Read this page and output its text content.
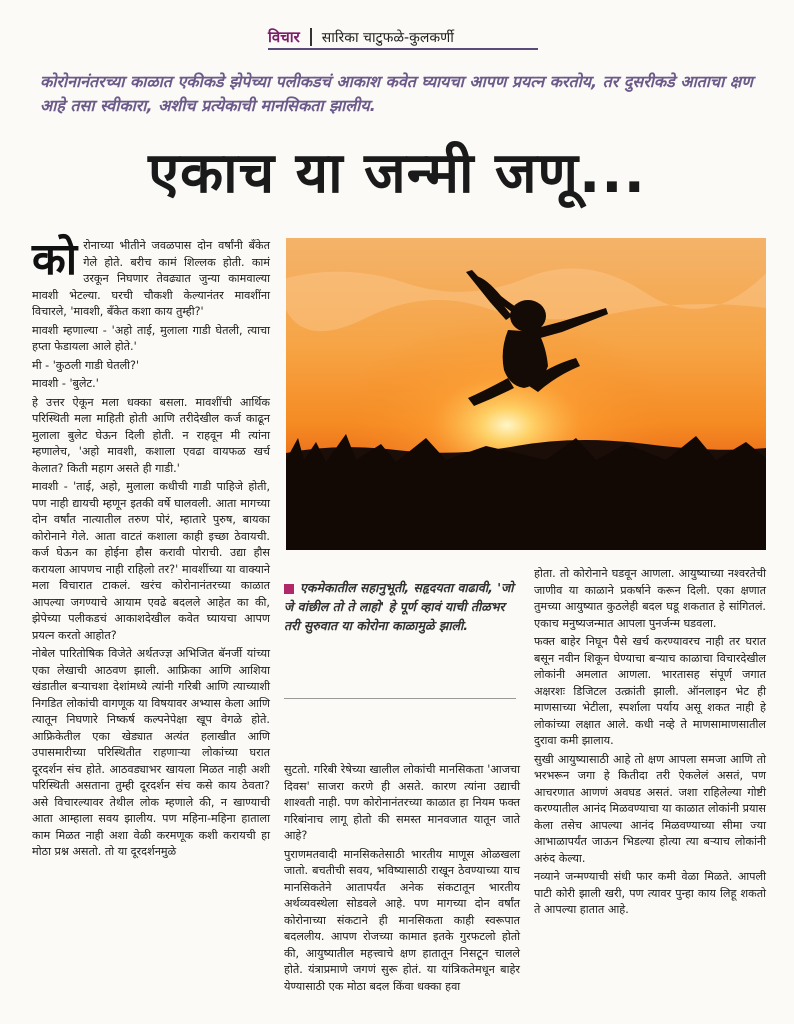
विचार सारिका चाटुफळे-कुलकर्णी
कोरोनानंतरच्या काळात एकीकडे झेपेच्या पलीकडचं आकाश कवेत घ्यायचा आपण प्रयत्न करतोय, तर दुसरीकडे आताचा क्षण आहे तसा स्वीकारा, अशीच प्रत्येकाची मानसिकता झालीय.
एकाच या जन्मी जणू...

कोरोनाच्या भीतीने जवळपास दोन वर्षांनी बँकेत गेले होते. बरीच कामं शिल्लक होती. कामं उरकून निघणार तेवढ्यात जुन्या कामवाल्या मावशी भेटल्या. घरची चौकशी केल्यानंतर मावशींना विचारले, 'मावशी, बँकेत कशा काय तुम्ही?'

मावशी म्हणाल्या - 'अहो ताई, मुलाला गाडी घेतली, त्याचा हप्ता फेडायला आले होते.'

मी - 'कुठली गाडी घेतली?'

मावशी - 'बुलेट.'

हे उत्तर ऐकून मला धक्का बसला. मावशींची आर्थिक परिस्थिती मला माहिती होती आणि तरीदेखील कर्ज काढून मुलाला बुलेट घेऊन दिली होती. न राहवून मी त्यांना म्हणालेच, 'अहो मावशी, कशाला एवढा वायफळ खर्च केलात? किती महाग असते ही गाडी.'

मावशी - 'ताई, अहो, मुलाला कधीची गाडी पाहिजे होती, पण नाही द्यायची म्हणून इतकी वर्षे घालवली. आता मागच्या दोन वर्षांत नात्यातील तरुण पोरं, म्हातारे पुरुष, बायका कोरोनाने गेले. आता वाटतं कशाला काही इच्छा ठेवायची. कर्ज घेऊन का होईना हौस करावी पोराची. उद्या हौस करायला आपणच नाही राहिलो तर?' मावशींच्या या वाक्याने मला विचारात टाकलं. खरंच कोरोनानंतरच्या काळात आपल्या जगण्याचे आयाम एवढे बदलले आहेत का की, झेपेच्या पलीकडचं आकाशदेखील कवेत घ्यायचा आपण प्रयत्न करतो आहोत?

नोबेल पारितोषिक विजेते अर्थतज्ज्ञ अभिजित बॅनर्जी यांच्या एका लेखाची आठवण झाली. आफ्रिका आणि आशिया खंडातील बऱ्याचशा देशांमध्ये त्यांनी गरिबी आणि त्याच्याशी निगडित लोकांची वागणूक या विषयावर अभ्यास केला आणि त्यातून निघणारे निष्कर्ष कल्पनेपेक्षा खूप वेगळे होते. आफ्रिकेतील एका खेड्यात अत्यंत हलाखीत आणि उपासमारीच्या परिस्थितीत राहणाऱ्या लोकांच्या घरात दूरदर्शन संच होते. आठवड्याभर खायला मिळत नाही अशी परिस्थिती असताना तुम्ही दूरदर्शन संच कसे काय ठेवता? असे विचारल्यावर तेथील लोक म्हणाले की, न खाण्याची आता आम्हाला सवय झालीय. पण महिना-महिना हाताला काम मिळत नाही अशा वेळी करमणूक कशी करायची हा मोठा प्रश्न असतो. तो या दूरदर्शनमुळे

एकमेकातील सहानुभूती, सहृदयता वाढावी, 'जो जे वांछील तो ते लाहो' हे पूर्ण व्हावं याची तीळभर तरी सुरुवात या कोरोना काळामुळे झाली.

सुटतो. गरिबी रेषेच्या खालील लोकांची मानसिकता 'आजचा दिवस' साजरा करणे ही असते. कारण त्यांना उद्याची शाश्वती नाही. पण कोरोनानंतरच्या काळात हा नियम फक्त गरिबांनाच लागू होतो की समस्त मानवजात यातून जाते आहे?

पुराणमतवादी मानसिकतेसाठी भारतीय माणूस ओळखला जातो. बचतीची सवय, भविष्यासाठी राखून ठेवण्याच्या याच मानसिकतेने आतापर्यंत अनेक संकटातून भारतीय अर्थव्यवस्थेला सोडवले आहे. पण मागच्या दोन वर्षांत कोरोनाच्या संकटाने ही मानसिकता काही स्वरूपात बदललीय. आपण रोजच्या कामात इतके गुरफटलो होतो की, आयुष्यातील महत्त्वाचे क्षण हातातून निसटून चालले होते. यंत्राप्रमाणे जगणं सुरू होतं. या यांत्रिकतेमधून बाहेर येण्यासाठी एक मोठा बदल किंवा धक्का हवा

होता. तो कोरोनाने घडवून आणला. आयुष्याच्या नश्वरतेची जाणीव या काळाने प्रकर्षाने करून दिली. एका क्षणात तुमच्या आयुष्यात कुठलेही बदल घडू शकतात हे सांगितलं. एकाच मनुष्यजन्मात आपला पुनर्जन्म घडवला.

फक्त बाहेर निघून पैसे खर्च करण्यावरच नाही तर घरात बसून नवीन शिकून घेण्याचा बऱ्याच काळाचा विचारदेखील लोकांनी अमलात आणला. भारतासह संपूर्ण जगात अक्षरशः डिजिटल उत्क्रांती झाली. ऑनलाइन भेट ही माणसाच्या भेटीला, स्पर्शाला पर्याय असू शकत नाही हे लोकांच्या लक्षात आले. कधी नव्हे ते माणसामाणसातील दुरावा कमी झालाय.

सुखी आयुष्यासाठी आहे तो क्षण आपला समजा आणि तो भरभरून जगा हे कितीदा तरी ऐकलेलं असतं, पण आचरणात आणणं अवघड असतं. जशा राहिलेल्या गोष्टी करण्यातील आनंद मिळवण्याचा या काळात लोकांनी प्रयास केला तसेच आपल्या आनंद मिळवण्याच्या सीमा ज्या आभाळापर्यंत जाऊन भिडल्या होत्या त्या बऱ्याच लोकांनी अरुंद केल्या.

नव्याने जन्मण्याची संधी फार कमी वेळा मिळते. आपली पाटी कोरी झाली खरी, पण त्यावर पुन्हा काय लिहू शकतो ते आपल्या हातात आहे.
